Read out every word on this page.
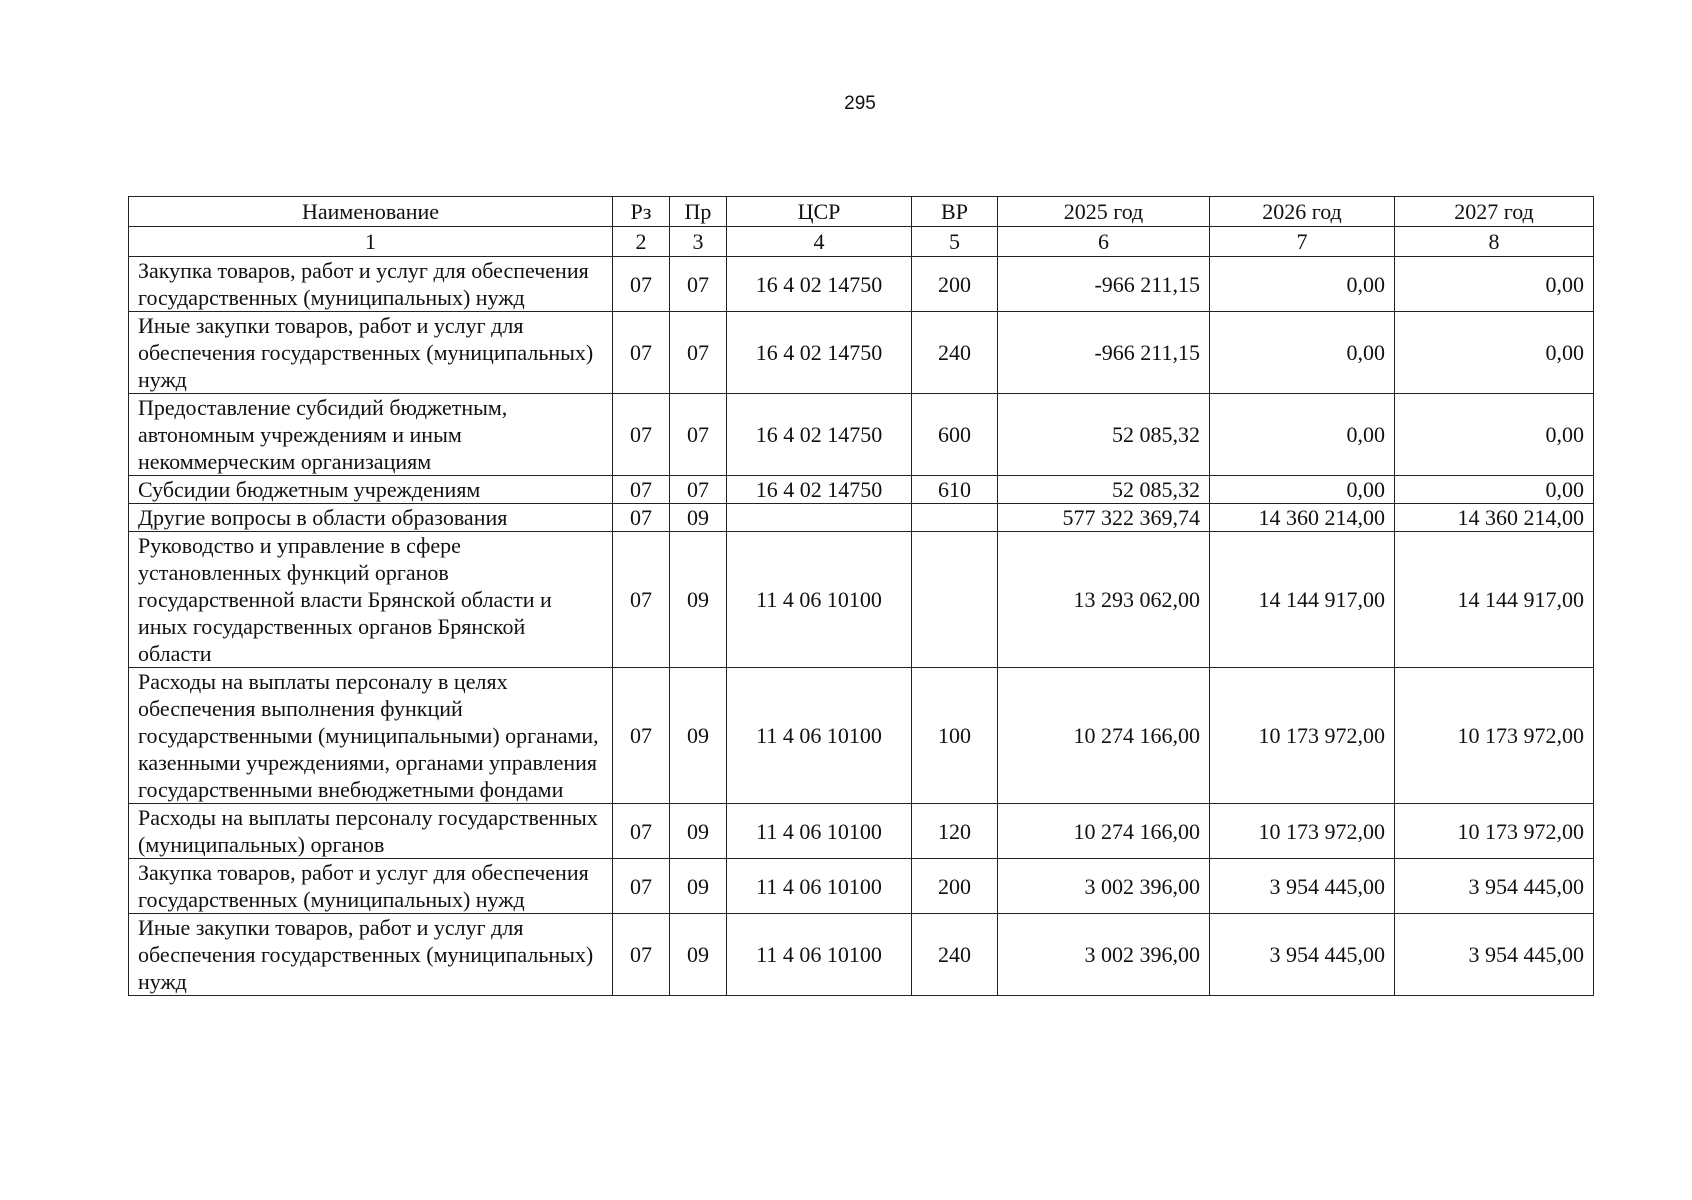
295
Наименование	Рз	Пр	ЦСР	ВР	2025 год	2026 год	2027 год
1	2	3	4	5	6	7	8
Закупка товаров, работ и услуг для обеспечения государственных (муниципальных) нужд	07	07	16 4 02 14750	200	-966 211,15	0,00	0,00
Иные закупки товаров, работ и услуг для обеспечения государственных (муниципальных) нужд	07	07	16 4 02 14750	240	-966 211,15	0,00	0,00
Предоставление субсидий бюджетным, автономным учреждениям и иным некоммерческим организациям	07	07	16 4 02 14750	600	52 085,32	0,00	0,00
Субсидии бюджетным учреждениям	07	07	16 4 02 14750	610	52 085,32	0,00	0,00
Другие вопросы в области образования	07	09			577 322 369,74	14 360 214,00	14 360 214,00
Руководство и управление в сфере установленных функций органов государственной власти Брянской области и иных государственных органов Брянской области	07	09	11 4 06 10100		13 293 062,00	14 144 917,00	14 144 917,00
Расходы на выплаты персоналу в целях обеспечения выполнения функций государственными (муниципальными) органами, казенными учреждениями, органами управления государственными внебюджетными фондами	07	09	11 4 06 10100	100	10 274 166,00	10 173 972,00	10 173 972,00
Расходы на выплаты персоналу государственных (муниципальных) органов	07	09	11 4 06 10100	120	10 274 166,00	10 173 972,00	10 173 972,00
Закупка товаров, работ и услуг для обеспечения государственных (муниципальных) нужд	07	09	11 4 06 10100	200	3 002 396,00	3 954 445,00	3 954 445,00
Иные закупки товаров, работ и услуг для обеспечения государственных (муниципальных) нужд	07	09	11 4 06 10100	240	3 002 396,00	3 954 445,00	3 954 445,00
